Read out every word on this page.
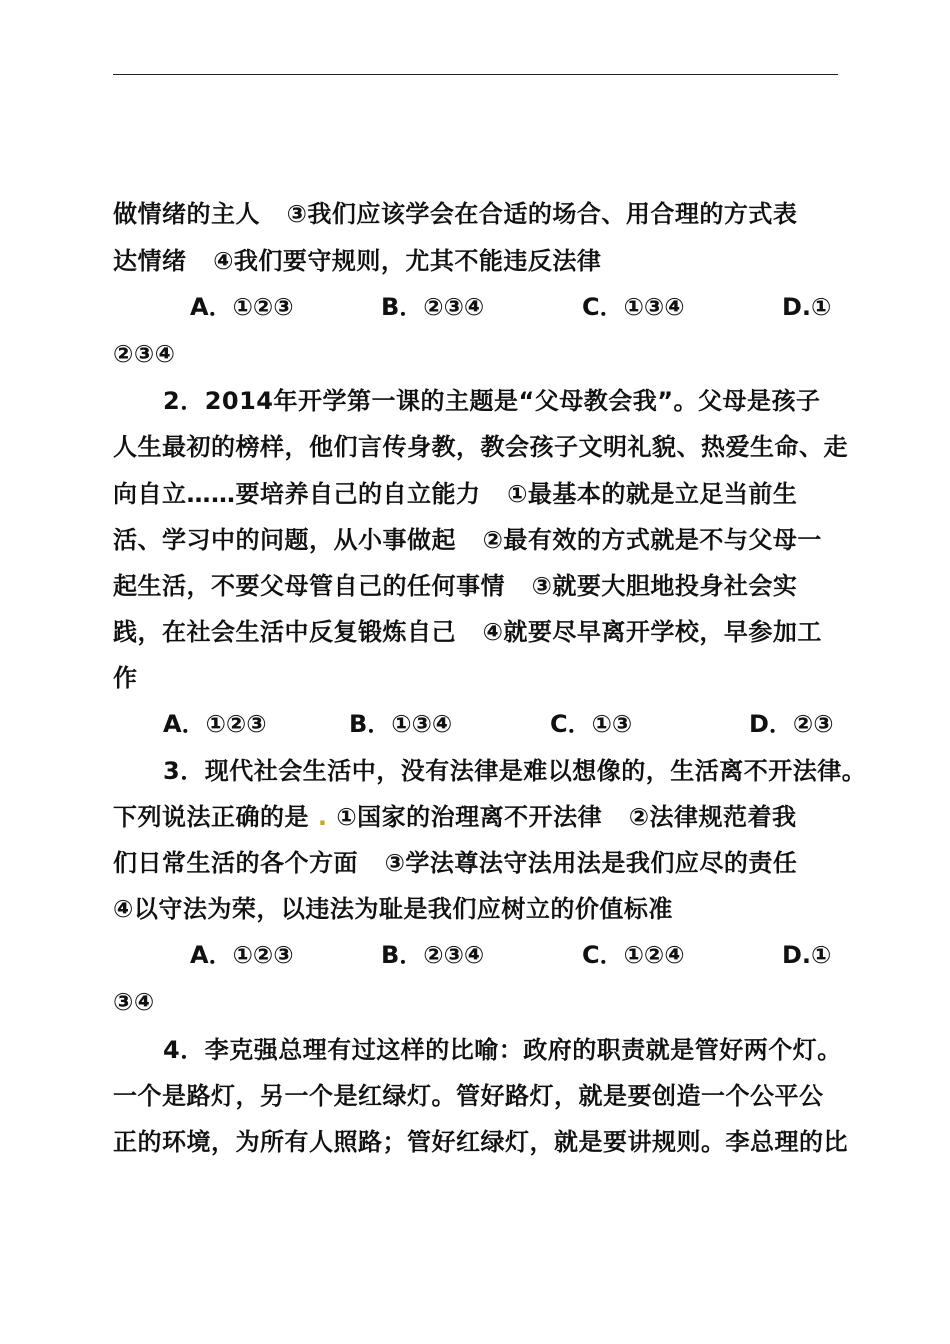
做情绪的主人   ③我们应该学会在合适的场合、用合理的方式表
达情绪   ④我们要守规则，尤其不能违反法律
A．①②③	B．②③④	C．①③④	D.①
②③④
2．2014年开学第一课的主题是“父母教会我”。父母是孩子
人生最初的榜样，他们言传身教，教会孩子文明礼貌、热爱生命、走
向自立……要培养自己的自立能力   ①最基本的就是立足当前生
活、学习中的问题，从小事做起   ②最有效的方式就是不与父母一
起生活，不要父母管自己的任何事情   ③就要大胆地投身社会实
践，在社会生活中反复锻炼自己   ④就要尽早离开学校，早参加工
作
A．①②③	B．①③④	C．①③	D．②③
3．现代社会生活中，没有法律是难以想像的，生活离不开法律。
下列说法正确的是 . ①国家的治理离不开法律   ②法律规范着我
们日常生活的各个方面   ③学法尊法守法用法是我们应尽的责任
④以守法为荣，以违法为耻是我们应树立的价值标准
A．①②③	B．②③④	C．①②④	D.①
③④
4．李克强总理有过这样的比喻：政府的职责就是管好两个灯。
一个是路灯，另一个是红绿灯。管好路灯，就是要创造一个公平公
正的环境，为所有人照路；管好红绿灯，就是要讲规则。李总理的比
